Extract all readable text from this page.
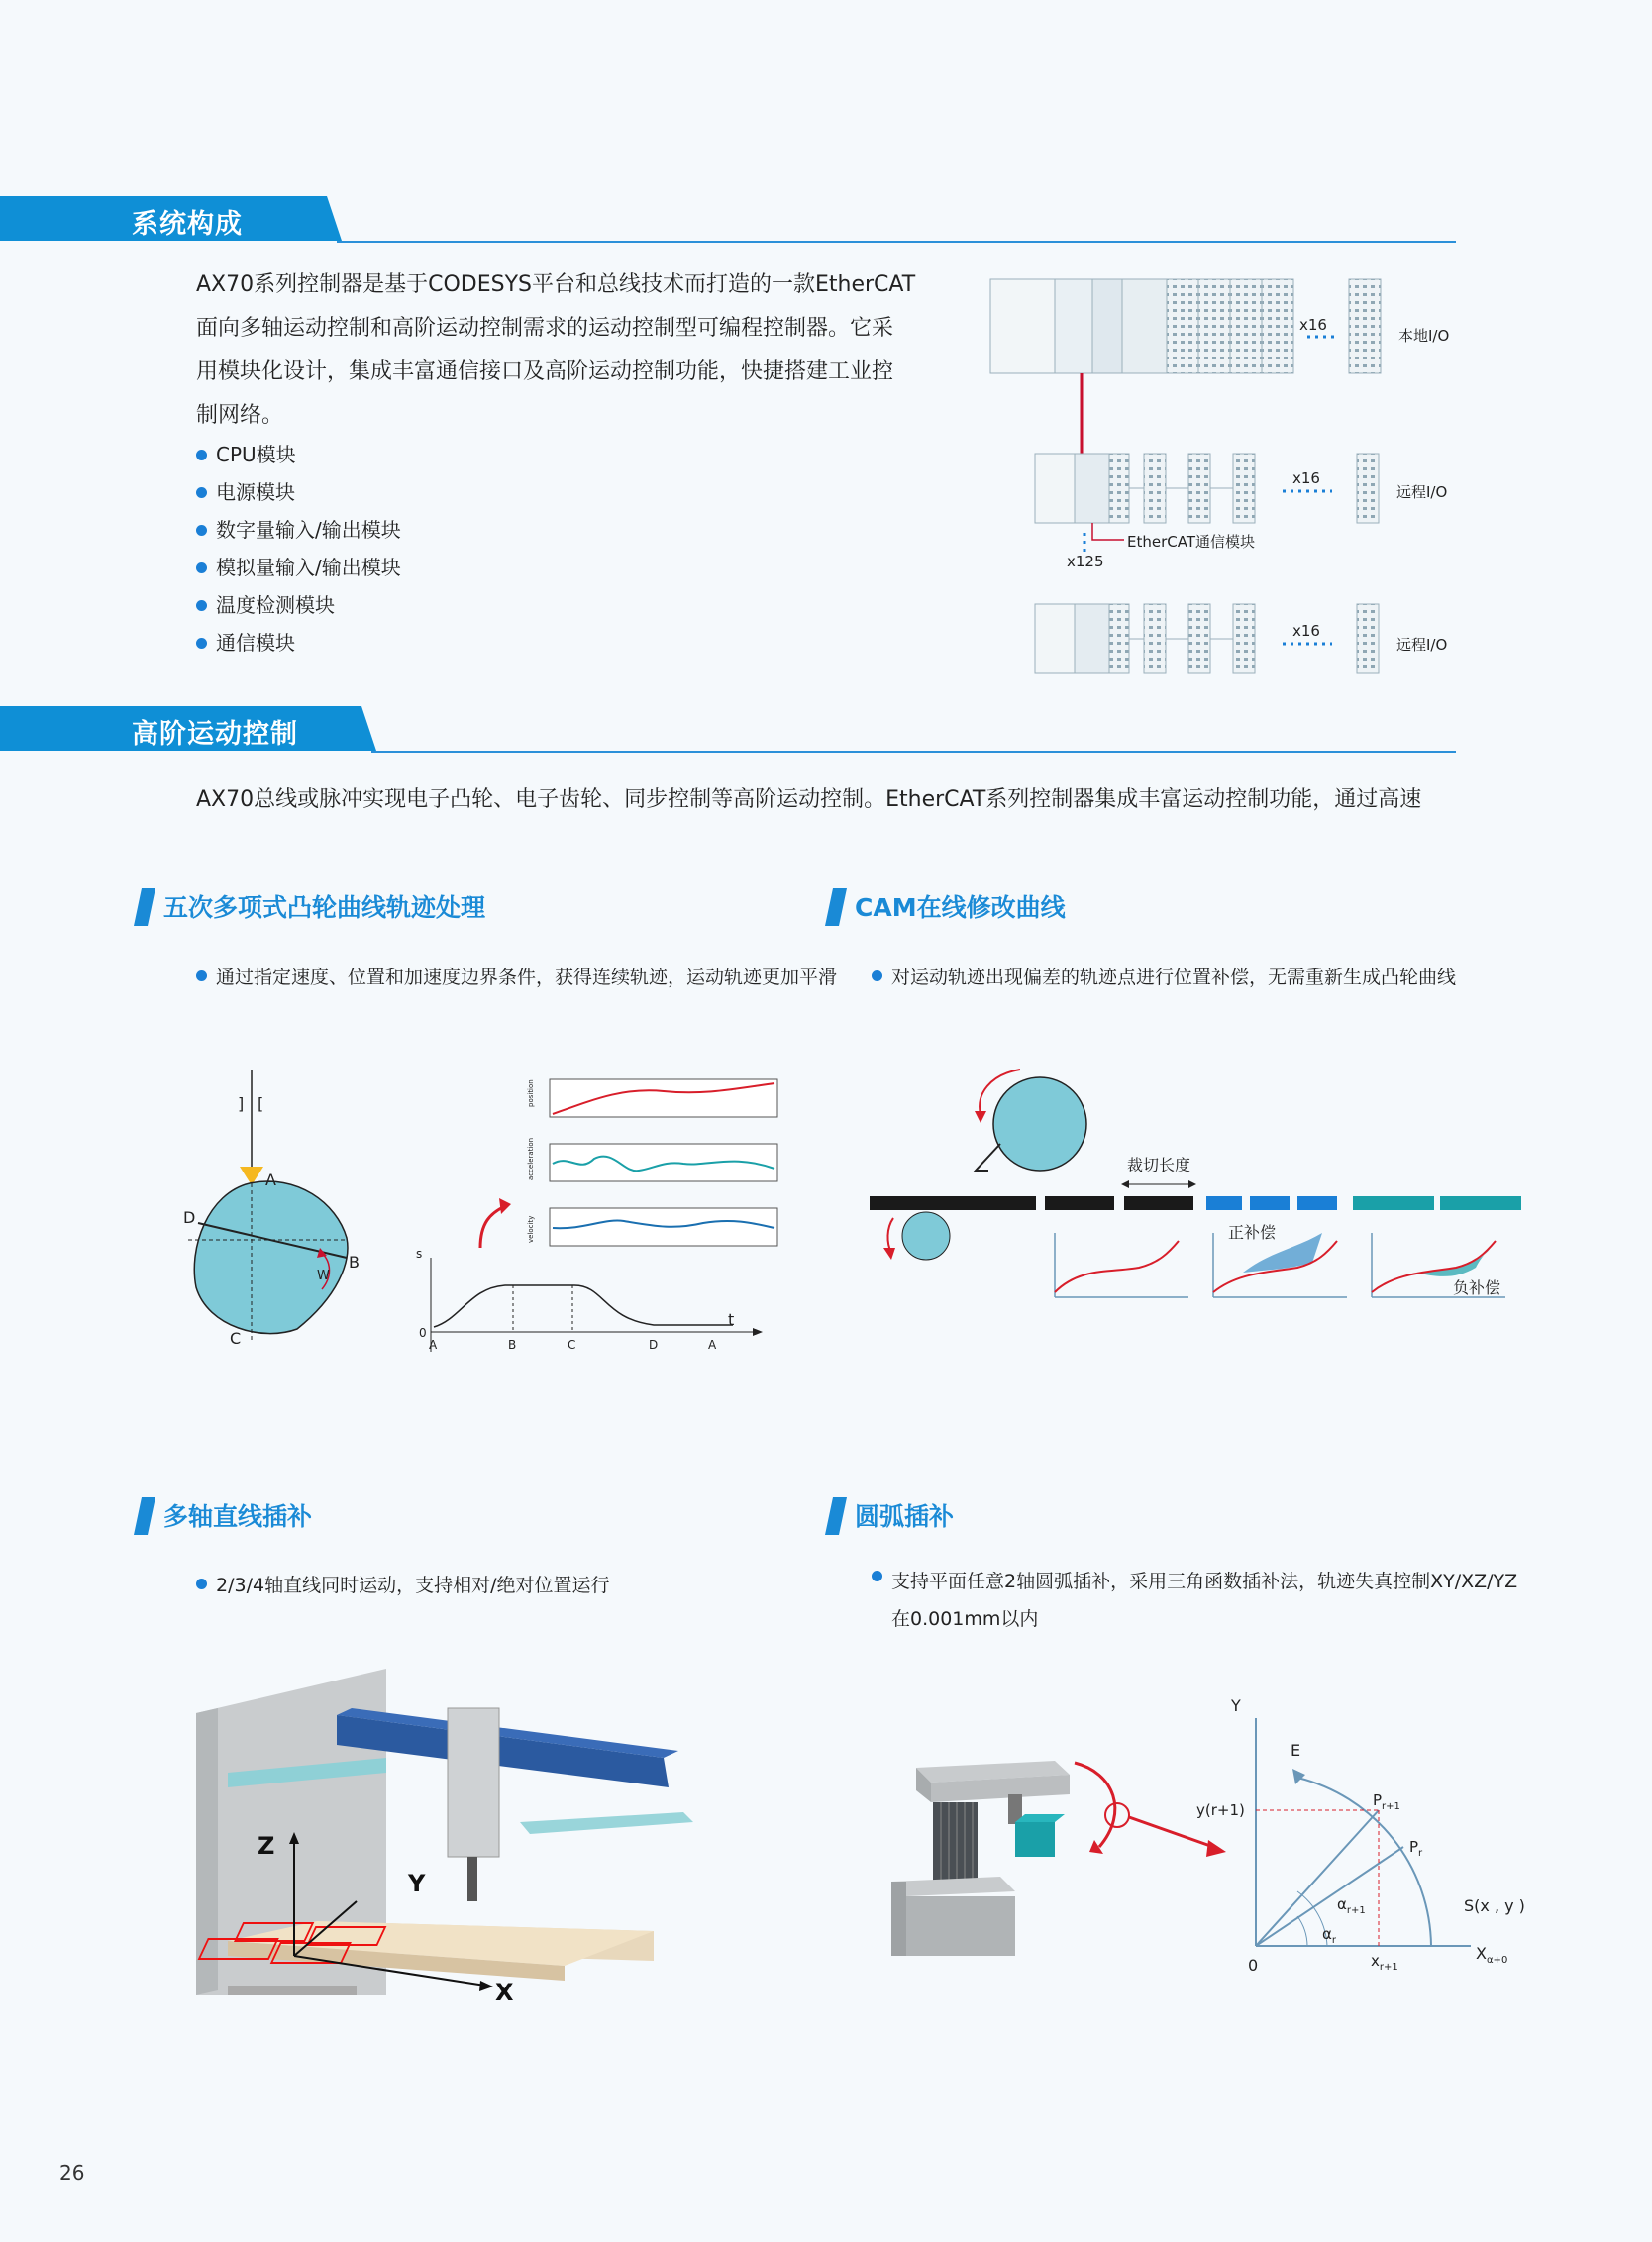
系统构成
AX70系列控制器是基于CODESYS平台和总线技术而打造的一款EtherCAT
面向多轴运动控制和高阶运动控制需求的运动控制型可编程控制器。它采
用模块化设计，集成丰富通信接口及高阶运动控制功能，快捷搭建工业控
制网络。
CPU模块
电源模块
数字量输入/输出模块
模拟量输入/输出模块
温度检测模块
通信模块
x16
本地I/O
x16
远程I/O
EtherCAT通信模块
x125
x16
远程I/O
高阶运动控制
AX70总线或脉冲实现电子凸轮、电子齿轮、同步控制等高阶运动控制。EtherCAT系列控制器集成丰富运动控制功能，通过高速
五次多项式凸轮曲线轨迹处理	CAM在线修改曲线
通过指定速度、位置和加速度边界条件，获得连续轨迹，运动轨迹更加平滑	对运动轨迹出现偏差的轨迹点进行位置补偿，无需重新生成凸轮曲线
] [
A
D
B
C
W
s
t
0
A	B	C	D	A
position
acceleration
velocity
裁切长度
正补偿
负补偿
多轴直线插补	圆弧插补
2/3/4轴直线同时运动，支持相对/绝对位置运行	支持平面任意2轴圆弧插补，采用三角函数插补法，轨迹失真控制XY/XZ/YZ
在0.001mm以内
Z
Y
X
Y
0
E
$P_{r+1}$
$P_r$
y(r+1)
$\alpha_{r+1}$
$\alpha_r$
S(x , y )
$x_{r+1}$
$X_{\alpha+0}$
26
